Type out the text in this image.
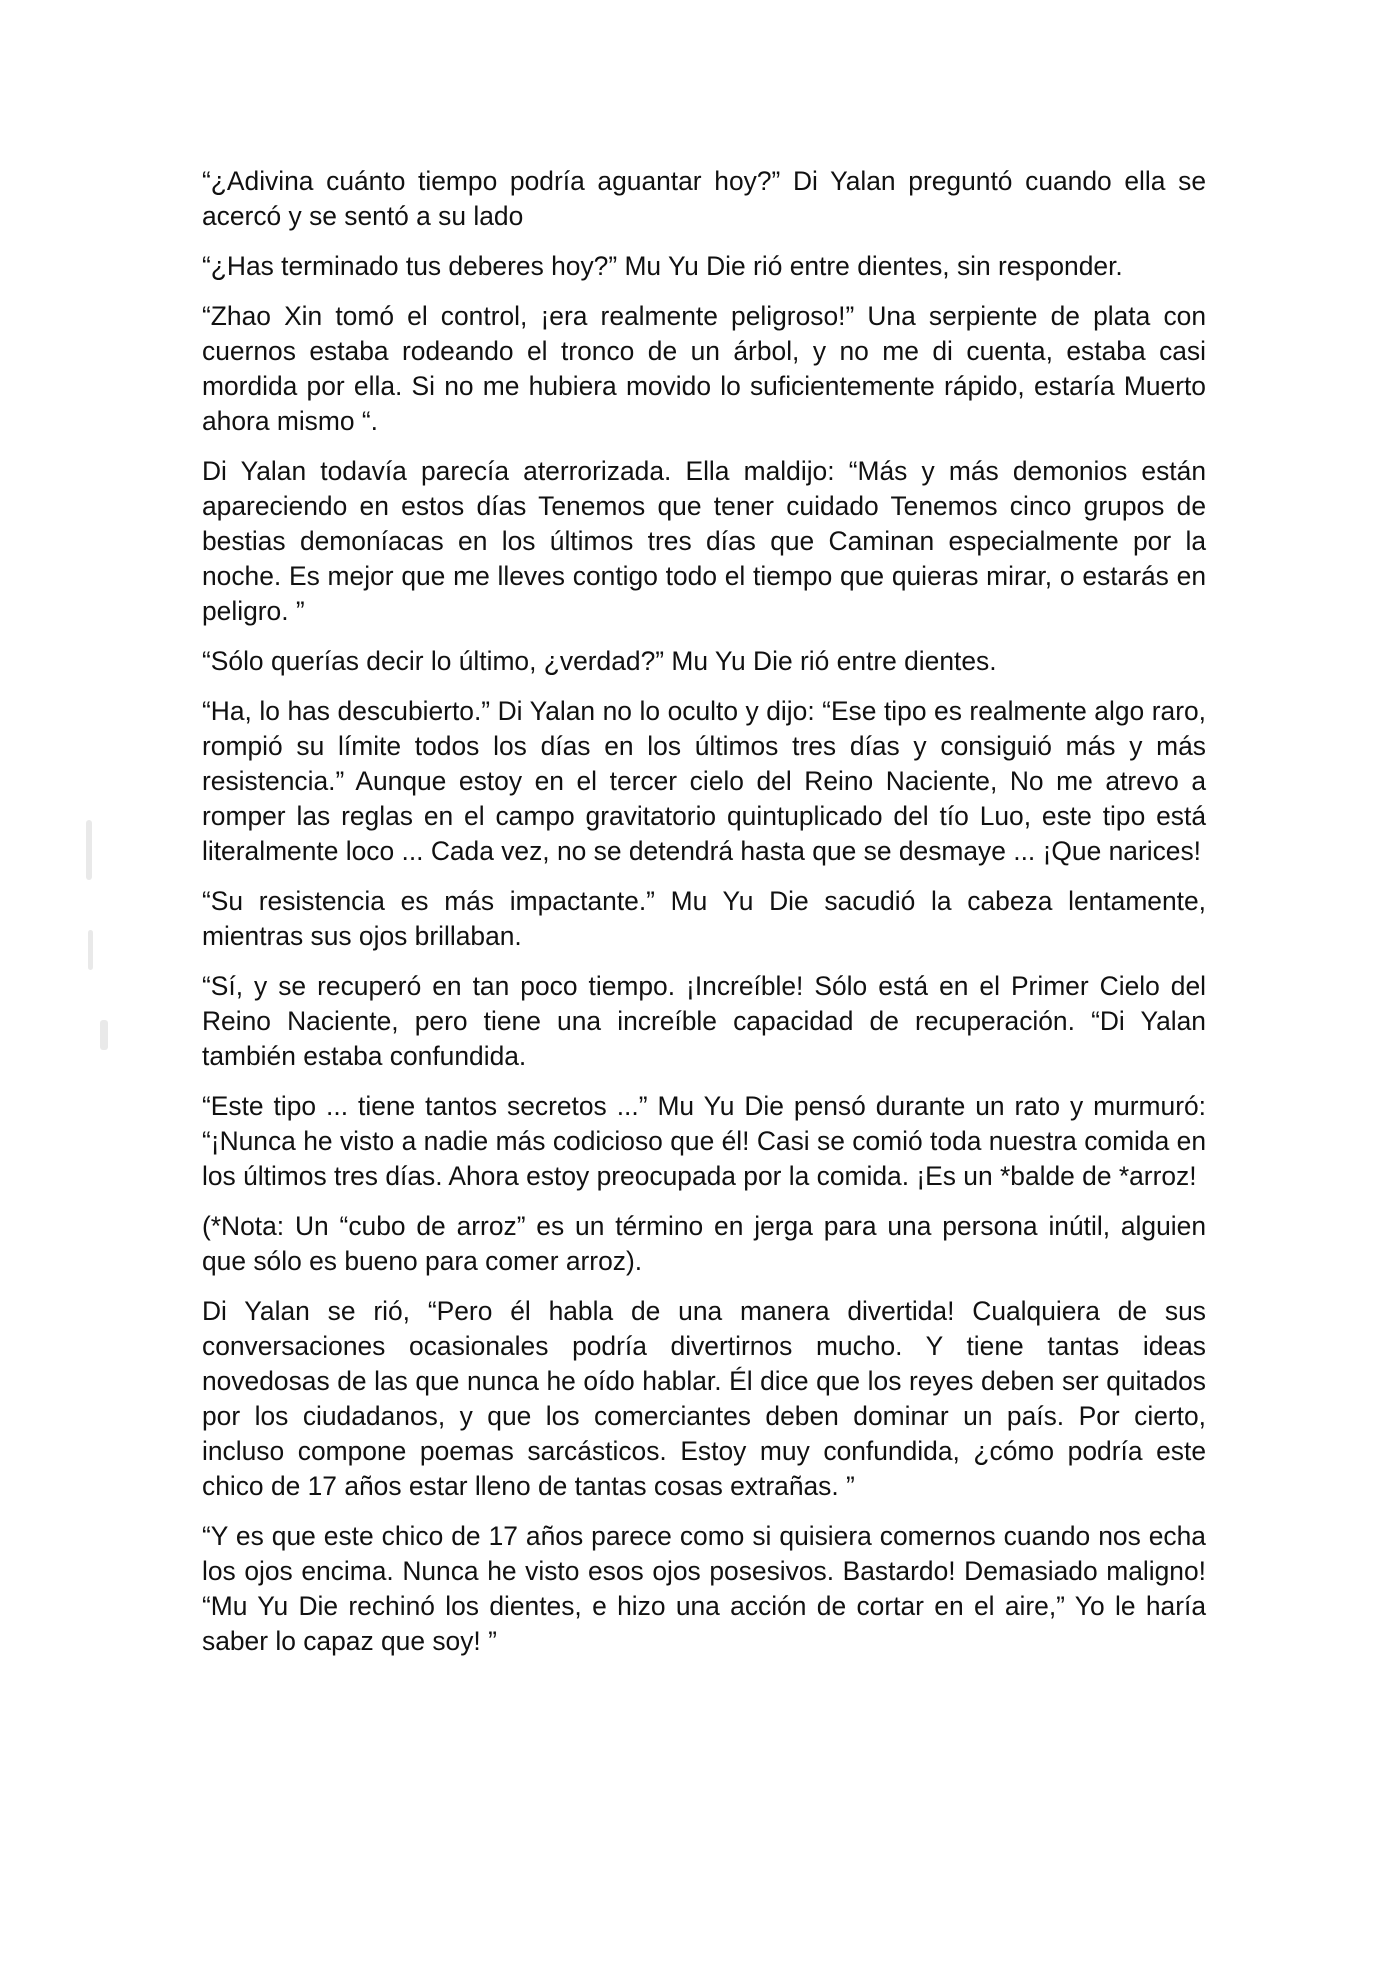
“¿Adivina cuánto tiempo podría aguantar hoy?” Di Yalan preguntó cuando ella se acercó y se sentó a su lado

“¿Has terminado tus deberes hoy?” Mu Yu Die rió entre dientes, sin responder.

“Zhao Xin tomó el control, ¡era realmente peligroso!” Una serpiente de plata con cuernos estaba rodeando el tronco de un árbol, y no me di cuenta, estaba casi mordida por ella. Si no me hubiera movido lo suficientemente rápido, estaría Muerto ahora mismo “.

Di Yalan todavía parecía aterrorizada. Ella maldijo: “Más y más demonios están apareciendo en estos días Tenemos que tener cuidado Tenemos cinco grupos de bestias demoníacas en los últimos tres días que Caminan especialmente por la noche. Es mejor que me lleves contigo todo el tiempo que quieras mirar, o estarás en peligro. ”

“Sólo querías decir lo último, ¿verdad?” Mu Yu Die rió entre dientes.

“Ha, lo has descubierto.” Di Yalan no lo oculto y dijo: “Ese tipo es realmente algo raro, rompió su límite todos los días en los últimos tres días y consiguió más y más resistencia.” Aunque estoy en el tercer cielo del Reino Naciente, No me atrevo a romper las reglas en el campo gravitatorio quintuplicado del tío Luo, este tipo está literalmente loco ... Cada vez, no se detendrá hasta que se desmaye ... ¡Que narices!

“Su resistencia es más impactante.” Mu Yu Die sacudió la cabeza lentamente, mientras sus ojos brillaban.

“Sí, y se recuperó en tan poco tiempo. ¡Increíble! Sólo está en el Primer Cielo del Reino Naciente, pero tiene una increíble capacidad de recuperación. “Di Yalan también estaba confundida.

“Este tipo ... tiene tantos secretos ...” Mu Yu Die pensó durante un rato y murmuró: “¡Nunca he visto a nadie más codicioso que él! Casi se comió toda nuestra comida en los últimos tres días. Ahora estoy preocupada por la comida. ¡Es un *balde de *arroz!

(*Nota: Un “cubo de arroz” es un término en jerga para una persona inútil, alguien que sólo es bueno para comer arroz).

Di Yalan se rió, “Pero él habla de una manera divertida! Cualquiera de sus conversaciones ocasionales podría divertirnos mucho. Y tiene tantas ideas novedosas de las que nunca he oído hablar. Él dice que los reyes deben ser quitados por los ciudadanos, y que los comerciantes deben dominar un país. Por cierto, incluso compone poemas sarcásticos. Estoy muy confundida, ¿cómo podría este chico de 17 años estar lleno de tantas cosas extrañas. ”

“Y es que este chico de 17 años parece como si quisiera comernos cuando nos echa los ojos encima. Nunca he visto esos ojos posesivos. Bastardo! Demasiado maligno! “Mu Yu Die rechinó los dientes, e hizo una acción de cortar en el aire,” Yo le haría saber lo capaz que soy! ”
